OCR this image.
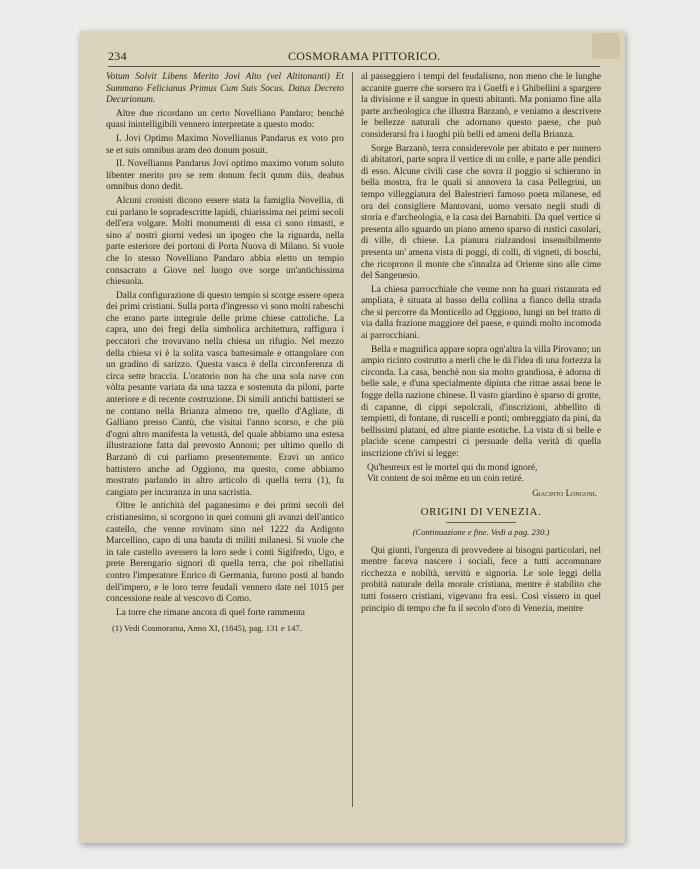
234	COSMORAMA PITTORICO.

Votum Solvit Libens Merito Jovi Alto (vel Altitonanti) Et Summano Felicianus Primus Cum Suis Socus. Datus Decreto Decurionum.

Altre due ricordano un certo Novelliano Pandaro; benchè quasi inintelligibili vennero interpretate a questo modo:

I. Jovi Optimo Maximo Novellianus Pandarus ex voto pro se et suis omnibus aram deo donum posuit.

II. Novellianus Pandarus Jovi optimo maximo votum soluto libenter merito pro se rem donum fecit quum diis, deabus omnibus dono dedit.

Alcuni cronisti dicono essere stata la famiglia Novellia, di cui parlano le sopradescritte lapidi, chiarissima nei primi secoli dell'era volgare. Molti monumenti di essa ci sono rimasti, e sino a' nostri giorni vedesi un ipogeo che la riguarda, nella parte esteriore dei portoni di Porta Nuova di Milano. Si vuole che lo stesso Novelliano Pandaro abbia eletto un tempio consacrato a Giove nel luogo ove sorge un'antichissima chiesuola.

Dalla configurazione di questo tempio si scorge essere opera dei primi cristiani. Sulla porta d'ingresso vi sono molti rabeschi che erano parte integrale delle prime chiese cattoliche. La capra, uno dei fregi della simbolica architettura, raffigura i peccatori che trovavano nella chiesa un rifugio. Nel mezzo della chiesa vi è la solita vasca battesimale e ottangolare con un gradino di sarizzo. Questa vasca è della circonferenza di circa sette braccia. L'oratorio non ha che una sola nave con vòlta pesante variata da una tazza e sostenuta da piloni, parte anteriore e di recente costruzione. Di simili antichi battisteri se ne contano nella Brianza almeno tre, quello d'Agliate, di Galliano presso Cantù, che visitai l'anno scorso, e che più d'ogni altro manifesta la vetustà, del quale abbiamo una estesa illustrazione fatta dal prevosto Annoni; per ultimo quello di Barzanò di cui parliamo presentemente. Eravi un antico battistero anche ad Oggiono, ma questo, come abbiamo mostrato parlando in altro articolo di quella terra (1), fu cangiato per incuranza in una sacristia.

Oltre le antichità del paganesimo e dei primi secoli del cristianesimo, si scorgono in quei comuni gli avanzi dell'antico castello, che venne rovinato sino nel 1222 da Ardigoto Marcellino, capo di una banda di militi milanesi. Si vuole che in tale castello avessero la loro sede i conti Sigifredo, Ugo, e prete Berengario signori di quella terra, che poi ribellatisi contro l'imperatore Enrico di Germania, furono posti al bando dell'impero, e le loro terre feudali vennero date nel 1015 per concessione reale al vescovo di Como.

La torre che rimane ancora di quel forte rammenta

(1) Vedi Cosmorama, Anno XI, (1845), pag. 131 e 147.

al passeggiero i tempi del feudalismo, non meno che le lunghe accanite guerre che sorsero tra i Guelfi e i Ghibellini a spargere la divisione e il sangue in questi abitanti. Ma poniamo fine alla parte archeologica che illustra Barzanò, e veniamo a descrivere le bellezze naturali che adornano questo paese, che può considerarsi fra i luoghi più belli ed ameni della Brianza.

Sorge Barzanò, terra considerevole per abitato e per numero di abitatori, parte sopra il vertice di un colle, e parte alle pendici di esso. Alcune civili case che sovra il poggio si schierano in bella mostra, fra le quali si annovera la casa Pellegrini, un tempo villeggiatura del Balestrieri famoso poeta milanese, ed ora del consigliere Mantovani, uomo versato negli studi di storia e d'archeologia, e la casa dei Barnabiti. Da quel vertice si presenta allo sguardo un piano ameno sparso di rustici casolari, di ville, di chiese. La pianura rialzandosi insensibilmente presenta un' amena vista di poggi, di colli, di vigneti, di boschi, che ricoprono il monte che s'innalza ad Oriente sino alle cime del Sangenesio.

La chiesa parrocchiale che venne non ha guari ristaurata ed ampliata, è situata al basso della collina a fianco della strada che si percorre da Monticello ad Oggiono, lungi un bel tratto di via dalla frazione maggiore del paese, e quindi molto incomoda ai parrocchiani.

Bella e magnifica appare sopra ogn'altra la villa Pirovano; un ampio ricinto costrutto a merli che le dà l'idea di una fortezza la circonda. La casa, benchè non sia molto grandiosa, è adorna di belle sale, e d'una specialmente dipinta che ritrae assai bene le fogge della nazione chinese. Il vasto giardino è sparso di grotte, di capanne, di cippi sepolcrali, d'inscrizioni, abbellito di tempietti, di fontane, di ruscelli e ponti; ombreggiato da pini, da bellissimi platani, ed altre piante esotiche. La vista di sì belle e placide scene campestri ci persuade della verità di quella inscrizione ch'ivi si legge:

Qu'heureux est le mortel qui du mond ignoré,
Vit content de soi même en un coin retiré.
Giacinto Longoni.
ORIGINI DI VENEZIA.
(Continuazione e fine. Vedi a pag. 230.)

Qui giunti, l'urgenza di provvedere ai bisogni particolari, nel mentre faceva nascere i sociali, fece a tutti accomunare ricchezza e nobiltà, servitù e signoria. Le sole leggi della probità naturale della morale cristiana, mentre è stabilito che tutti fossero cristiani, vigevano fra essi. Così vissero in quel principio di tempo che fu il secolo d'oro di Venezia, mentre
